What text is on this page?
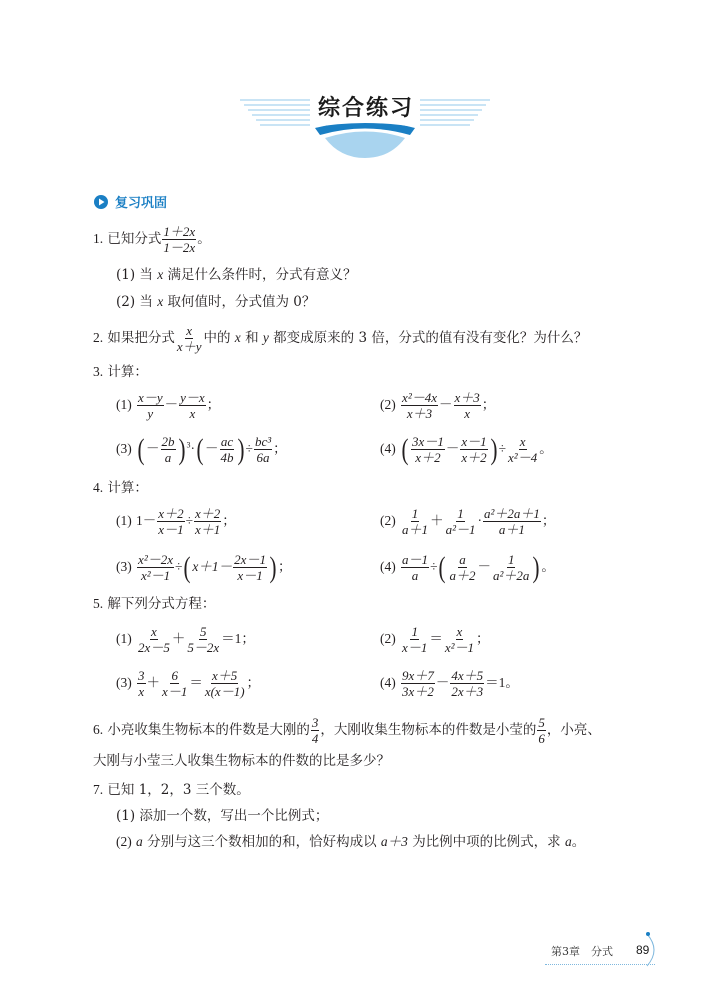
综合练习
复习巩固
1. 已知分式 $\frac{1+2x}{1-2x}$ 。
(1) 当 x 满足什么条件时，分式有意义？
(2) 当 x 取何值时，分式值为 0？
2. 如果把分式 $\frac{x}{x+y}$ 中的 x 和 y 都变成原来的 3 倍，分式的值有没有变化？为什么？
3. 计算：
$(1) \frac{x-y}{y} - \frac{y-x}{x}$ ；	$(2) \frac{\text{x²－4x}}{x+3} - \frac{x+3}{x}$ ；
(3) ( － $\frac{2b}{a}$ ) $^3\cdot( - \frac{ac}{4b}$ ) ÷ $\frac{\text{bc³}}{6a}$ ；	(4) ( $\frac{3x-1}{x+2} - \frac{x-1}{x+2}$ ) ÷ $\frac{x}{\text{x²－4}}$ 。
4. 计算：
(1) $1- \frac{x+2}{x-1} \div \frac{x+2}{x+1}$ ；	$(2) \frac{1}{a+1} + \frac{1}{\text{a²－1}} \cdot \frac{\text{a²＋2a＋1}}{a+1}$ ；
$(3) \frac{\text{x²－2x}}{\text{x²－1}}$ ÷( $x+1- \frac{2x-1}{x-1}$ ) ；	$(4) \frac{a-1}{a}$ ÷( $\frac{a}{a+2} - \frac{1}{\text{a²＋2a}}$ ) 。
5. 解下列分式方程：
$(1) \frac{x}{2x-5} + \frac{5}{5-2x} =1$；	$(2) \frac{1}{x-1} = \frac{x}{\text{x²－1}}$ ；
$(3) \frac{3}{x} + \frac{6}{x-1} = \frac{x+5}{x(x-1)}$ ；	$(4) \frac{9x+7}{3x+2} - \frac{4x+5}{2x+3} =1$。
6. 小亮收集生物标本的件数是大刚的 $\frac{3}{4}$ ，大刚收集生物标本的件数是小莹的 $\frac{5}{6}$ ，小亮、
大刚与小莹三人收集生物标本的件数的比是多少？
7. 已知 1，2，3 三个数。
(1) 添加一个数，写出一个比例式；
(2) a 分别与这三个数相加的和，恰好构成以 a＋3 为比例中项的比例式，求 a。
第3章　分式 89
